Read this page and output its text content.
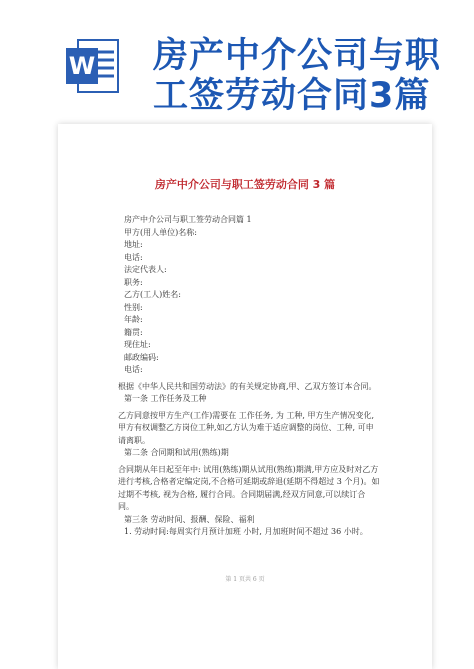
W 房产中介公司与职工签劳动合同3篇
房产中介公司与职工签劳动合同 3 篇
房产中介公司与职工签劳动合同篇 1
甲方(用人单位)名称:
地址:
电话:
法定代表人:
职务:
乙方(工人)姓名:
性别:
年龄:
籍贯:
现住址:
邮政编码:
电话:
根据《中华人民共和国劳动法》的有关规定协商,甲、乙双方签订本合同。
第一条 工作任务及工种
乙方同意按甲方生产(工作)需要在 工作任务, 为 工种, 甲方生产情况变化,甲方有权调整乙方岗位工种,如乙方认为难于适应调整的岗位、工种, 可申请离职。
第二条 合同期和试用(熟练)期
合同期从年日起至年中: 试用(熟练)期从试用(熟练)期满,甲方应及时对乙方进行考核,合格者定编定岗,不合格可延期或辞退(延期不得超过 3 个月)。如过期不考核, 视为合格, 履行合同。合同期届满,经双方同意,可以续订合同。
第三条 劳动时间、报酬、保险、福利
1. 劳动时间:每周实行月预计加班 小时, 月加班时间不超过 36 小时。
第 1 页共 6 页
